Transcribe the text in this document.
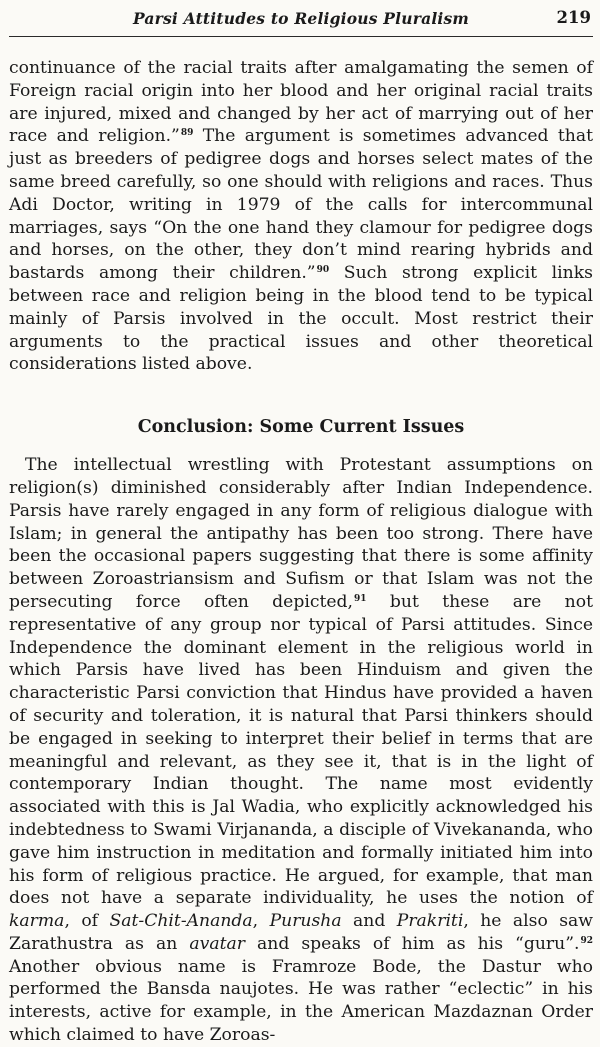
Parsi Attitudes to Religious Pluralism	219

continuance of the racial traits after amalgamating the semen of Foreign racial origin into her blood and her original racial traits are injured, mixed and changed by her act of marrying out of her race and religion.”$^{89}$ The argument is sometimes advanced that just as breeders of pedigree dogs and horses select mates of the same breed carefully, so one should with religions and races. Thus Adi Doctor, writing in 1979 of the calls for intercommunal marriages, says “On the one hand they clamour for pedigree dogs and horses, on the other, they don’t mind rearing hybrids and bastards among their children.”$^{90}$ Such strong explicit links between race and religion being in the blood tend to be typical mainly of Parsis involved in the occult. Most restrict their arguments to the practical issues and other theoretical considerations listed above.

Conclusion: Some Current Issues

The intellectual wrestling with Protestant assumptions on religion(s) diminished considerably after Indian Independence. Parsis have rarely engaged in any form of religious dialogue with Islam; in general the antipathy has been too strong. There have been the occasional papers suggesting that there is some affinity between Zoroastriansism and Sufism or that Islam was not the persecuting force often depicted,$^{91}$ but these are not representative of any group nor typical of Parsi attitudes. Since Independence the dominant element in the religious world in which Parsis have lived has been Hinduism and given the characteristic Parsi conviction that Hindus have provided a haven of security and toleration, it is natural that Parsi thinkers should be engaged in seeking to interpret their belief in terms that are meaningful and relevant, as they see it, that is in the light of contemporary Indian thought. The name most evidently associated with this is Jal Wadia, who explicitly acknowledged his indebtedness to Swami Virjananda, a disciple of Vivekananda, who gave him instruction in meditation and formally initiated him into his form of religious practice. He argued, for example, that man does not have a separate individuality, he uses the notion of karma, of Sat-Chit-Ananda, Purusha and Prakriti, he also saw Zarathustra as an avatar and speaks of him as his “guru”.$^{92}$ Another obvious name is Framroze Bode, the Dastur who performed the Bansda naujotes. He was rather “eclectic” in his interests, active for example, in the American Mazdaznan Order which claimed to have Zoroas-
